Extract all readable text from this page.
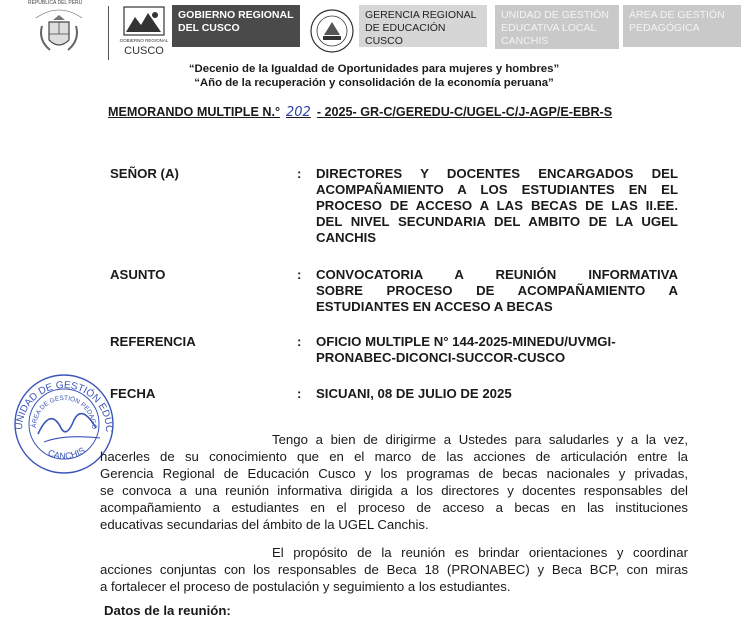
REPÚBLICA DEL PERÚ
GOBIERNO REGIONAL
CUSCO
GOBIERNO REGIONAL
DEL CUSCO
GERENCIA REGIONAL
DE EDUCACIÓN CUSCO
UNIDAD DE GESTIÓN
EDUCATIVA LOCAL
CANCHIS
ÁREA DE GESTIÓN
PEDAGÓGICA
“Decenio de la Igualdad de Oportunidades para mujeres y hombres”
“Año de la recuperación y consolidación de la economía peruana”
MEMORANDO MULTIPLE N.° 202 - 2025- GR-C/GEREDU-C/UGEL-C/J-AGP/E-EBR-S
SEÑOR (A)	: DIRECTORES Y DOCENTES ENCARGADOS DEL
ACOMPAÑAMIENTO A LOS ESTUDIANTES EN EL
PROCESO DE ACCESO A LAS BECAS DE LAS II.EE.
DEL NIVEL SECUNDARIA DEL AMBITO DE LA UGEL
CANCHIS
ASUNTO	: CONVOCATORIA A REUNIÓN INFORMATIVA
SOBRE PROCESO DE ACOMPAÑAMIENTO A
ESTUDIANTES EN ACCESO A BECAS
REFERENCIA	: OFICIO MULTIPLE N° 144-2025-MINEDU/UVMGI-
PRONABEC-DICONCI-SUCCOR-CUSCO
FECHA	: SICUANI, 08 DE JULIO DE 2025
UNIDAD DE GESTIÓN EDUC
ÁREA DE GESTIÓN PEDAGÓ
CANCHIS
Tengo a bien de dirigirme a Ustedes para saludarles y a la vez,
hacerles de su conocimiento que en el marco de las acciones de articulación entre la
Gerencia Regional de Educación Cusco y los programas de becas nacionales y privadas,
se convoca a una reunión informativa dirigida a los directores y docentes responsables del
acompañamiento a estudiantes en el proceso de acceso a becas en las instituciones
educativas secundarias del ámbito de la UGEL Canchis.
El propósito de la reunión es brindar orientaciones y coordinar
acciones conjuntas con los responsables de Beca 18 (PRONABEC) y Beca BCP, con miras
a fortalecer el proceso de postulación y seguimiento a los estudiantes.
Datos de la reunión:
